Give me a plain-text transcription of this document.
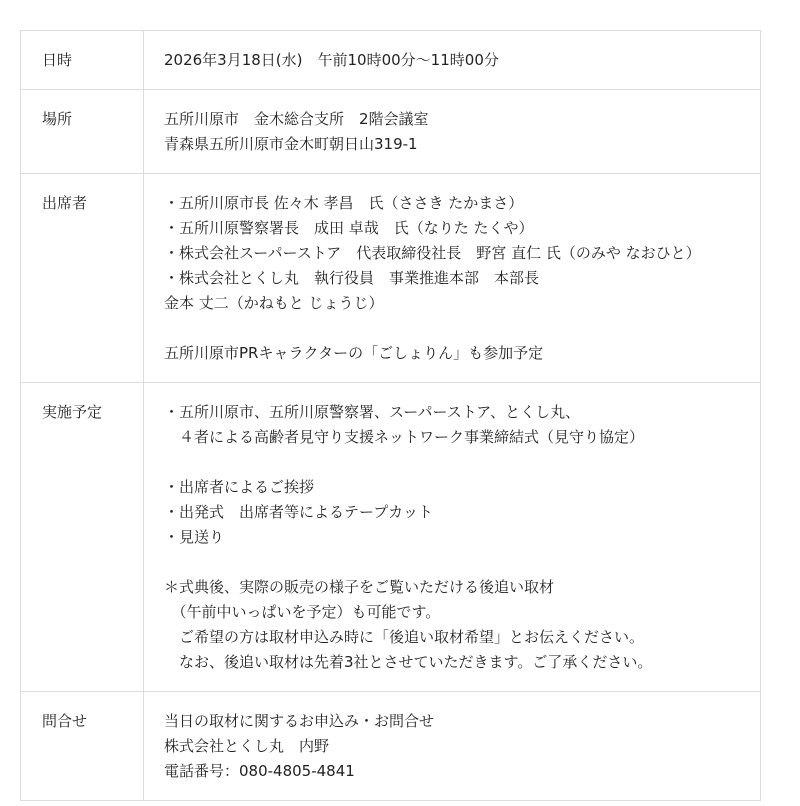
日時	2026年3月18日(水)　午前10時00分～11時00分
場所	五所川原市　金木総合支所　2階会議室
青森県五所川原市金木町朝日山319-1
出席者	・五所川原市長 佐々木 孝昌　氏（ささき たかまさ）
・五所川原警察署長　成田 卓哉　氏（なりた たくや）
・株式会社スーパーストア　代表取締役社長　野宮 直仁 氏（のみや なおひと）
・株式会社とくし丸　執行役員　事業推進本部　本部長
金本 丈二（かねもと じょうじ）
五所川原市PRキャラクターの「ごしょりん」も参加予定
実施予定	・五所川原市、五所川原警察署、スーパーストア、とくし丸、
　４者による高齢者見守り支援ネットワーク事業締結式（見守り協定）
・出席者によるご挨拶
・出発式　出席者等によるテープカット
・見送り
＊式典後、実際の販売の様子をご覧いただける後追い取材
　（午前中いっぱいを予定）も可能です。
　ご希望の方は取材申込み時に「後追い取材希望」とお伝えください。
　なお、後追い取材は先着3社とさせていただきます。ご了承ください。
問合せ	当日の取材に関するお申込み・お問合せ
株式会社とくし丸　内野
電話番号：080-4805-4841
